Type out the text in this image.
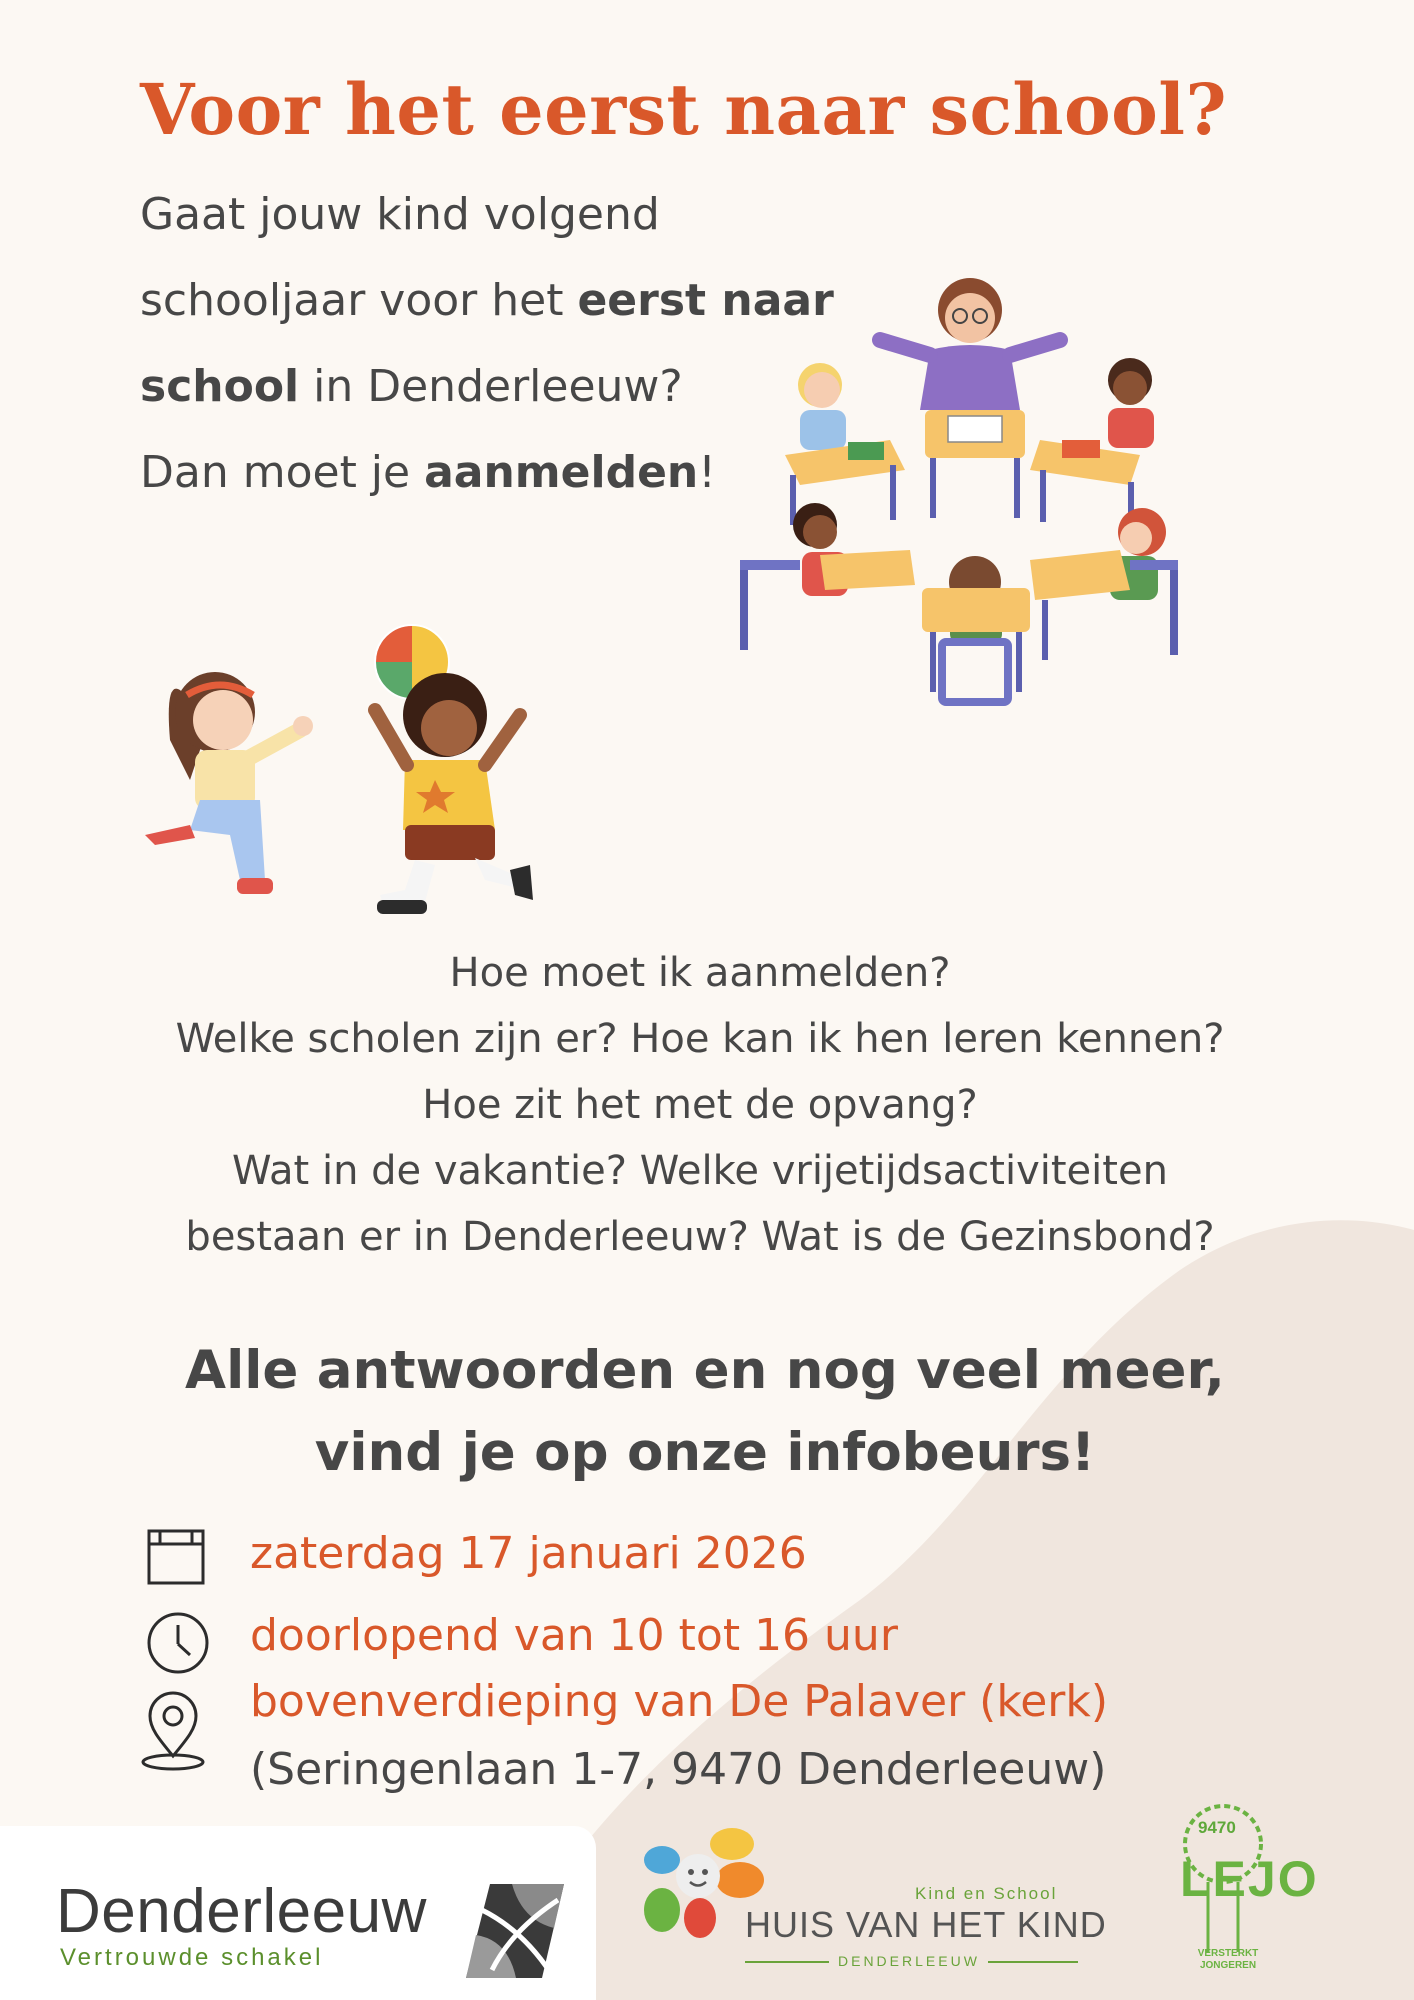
Voor het eerst naar school?
Gaat jouw kind volgend
schooljaar voor het eerst naar
school in Denderleeuw?
Dan moet je aanmelden!
Hoe moet ik aanmelden?
Welke scholen zijn er? Hoe kan ik hen leren kennen?
Hoe zit het met de opvang?
Wat in de vakantie? Welke vrijetijdsactiviteiten
bestaan er in Denderleeuw? Wat is de Gezinsbond?
Alle antwoorden en nog veel meer,
vind je op onze infobeurs!
zaterdag 17 januari 2026
doorlopend van 10 tot 16 uur
bovenverdieping van De Palaver (kerk)
(Seringenlaan 1-7, 9470 Denderleeuw)
Denderleeuw
Vertrouwde schakel
Kind en School
HUIS VAN HET KIND
DENDERLEEUW
9470
LEJO
VERSTERKT
JONGEREN
